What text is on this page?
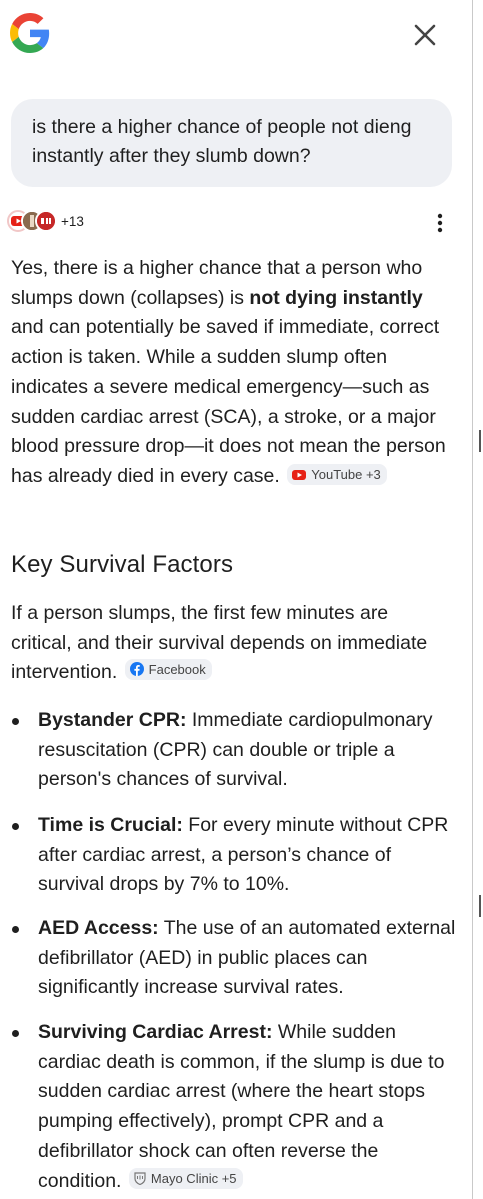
is there a higher chance of people not dieng instantly after they slumb down?
+13
Yes, there is a higher chance that a person who slumps down (collapses) is not dying instantly and can potentially be saved if immediate, correct action is taken. While a sudden slump often indicates a severe medical emergency—such as sudden cardiac arrest (SCA), a stroke, or a major blood pressure drop—it does not mean the person has already died in every case. YouTube +3
Key Survival Factors
If a person slumps, the first few minutes are critical, and their survival depends on immediate intervention. Facebook
Bystander CPR: Immediate cardiopulmonary resuscitation (CPR) can double or triple a person's chances of survival.
Time is Crucial: For every minute without CPR after cardiac arrest, a person’s chance of survival drops by 7% to 10%.
AED Access: The use of an automated external defibrillator (AED) in public places can significantly increase survival rates.
Surviving Cardiac Arrest: While sudden cardiac death is common, if the slump is due to sudden cardiac arrest (where the heart stops pumping effectively), prompt CPR and a defibrillator shock can often reverse the condition. Mayo Clinic +5
